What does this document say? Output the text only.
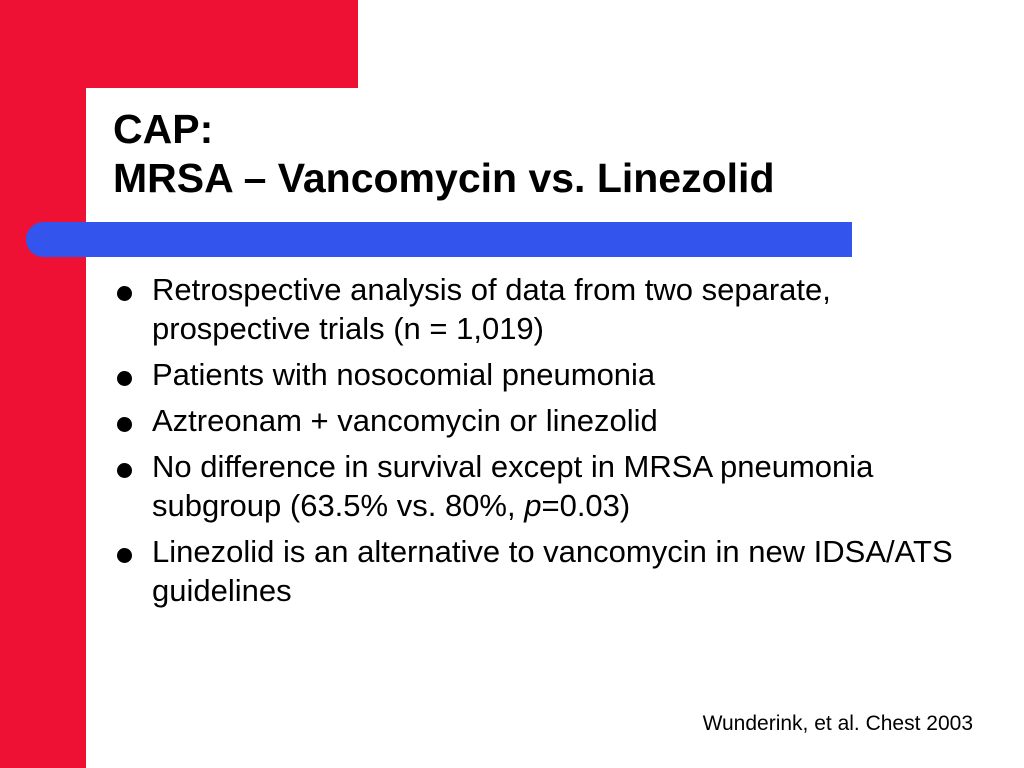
CAP:
MRSA – Vancomycin vs. Linezolid
Retrospective analysis of data from two separate, prospective trials (n = 1,019)
Patients with nosocomial pneumonia
Aztreonam + vancomycin or linezolid
No difference in survival except in MRSA pneumonia subgroup (63.5% vs. 80%, p=0.03)
Linezolid is an alternative to vancomycin in new IDSA/ATS guidelines
Wunderink, et al. Chest 2003
